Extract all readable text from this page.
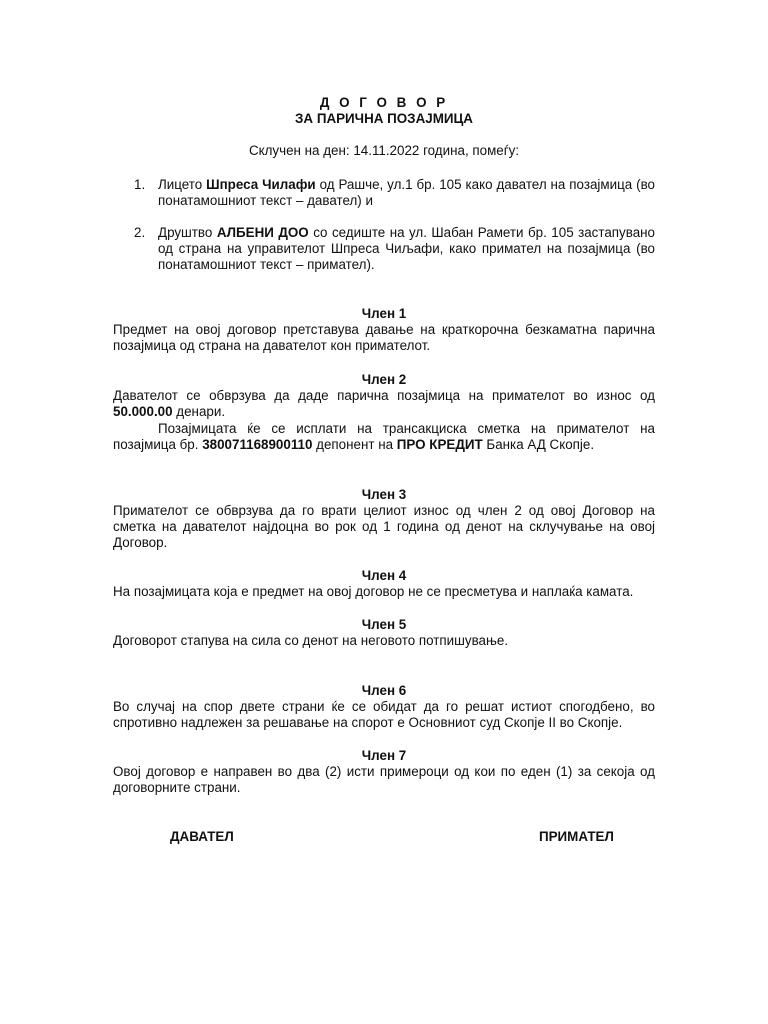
Д О Г О В О Р
ЗА ПАРИЧНА ПОЗАЈМИЦА
Склучен на ден: 14.11.2022 година, помеѓу:
1. Лицето Шпреса Чилафи од Рашче, ул.1 бр. 105 како давател на позајмица (во понатамошниот текст – давател) и
2. Друштво АЛБЕНИ ДОО со седиште на ул. Шабан Рамети бр. 105 застапувано од страна на управителот Шпреса Чиљафи, како примател на позајмица (во понатамошниот текст – примател).
Член 1
Предмет на овој договор претставува давање на краткорочна безкаматна парична позајмица од страна на давателот кон примателот.
Член 2
Давателот се обврзува да даде парична позајмица на примателот во износ од
50.000.00 денари.
Позајмицата ќе се исплати на трансакциска сметка на примателот на позајмица бр. 380071168900110 депонент на ПРО КРЕДИТ Банка АД Скопје.
Член 3
Примателот се обврзува да го врати целиот износ од член 2 од овој Договор на сметка на давателот најдоцна во рок од 1 година од денот на склучување на овој Договор.
Член 4
На позајмицата која е предмет на овој договор не се пресметува и наплаќа камата.
Член 5
Договорот стапува на сила со денот на неговото потпишување.
Член 6
Во случај на спор двете страни ќе се обидат да го решат истиот спогодбено, во спротивно надлежен за решавање на спорот е Основниот суд Скопје II во Скопје.
Член 7
Овој договор е направен во два (2) исти примероци од кои по еден (1) за секоја од договорните страни.
ДАВАТЕЛ	ПРИМАТЕЛ
